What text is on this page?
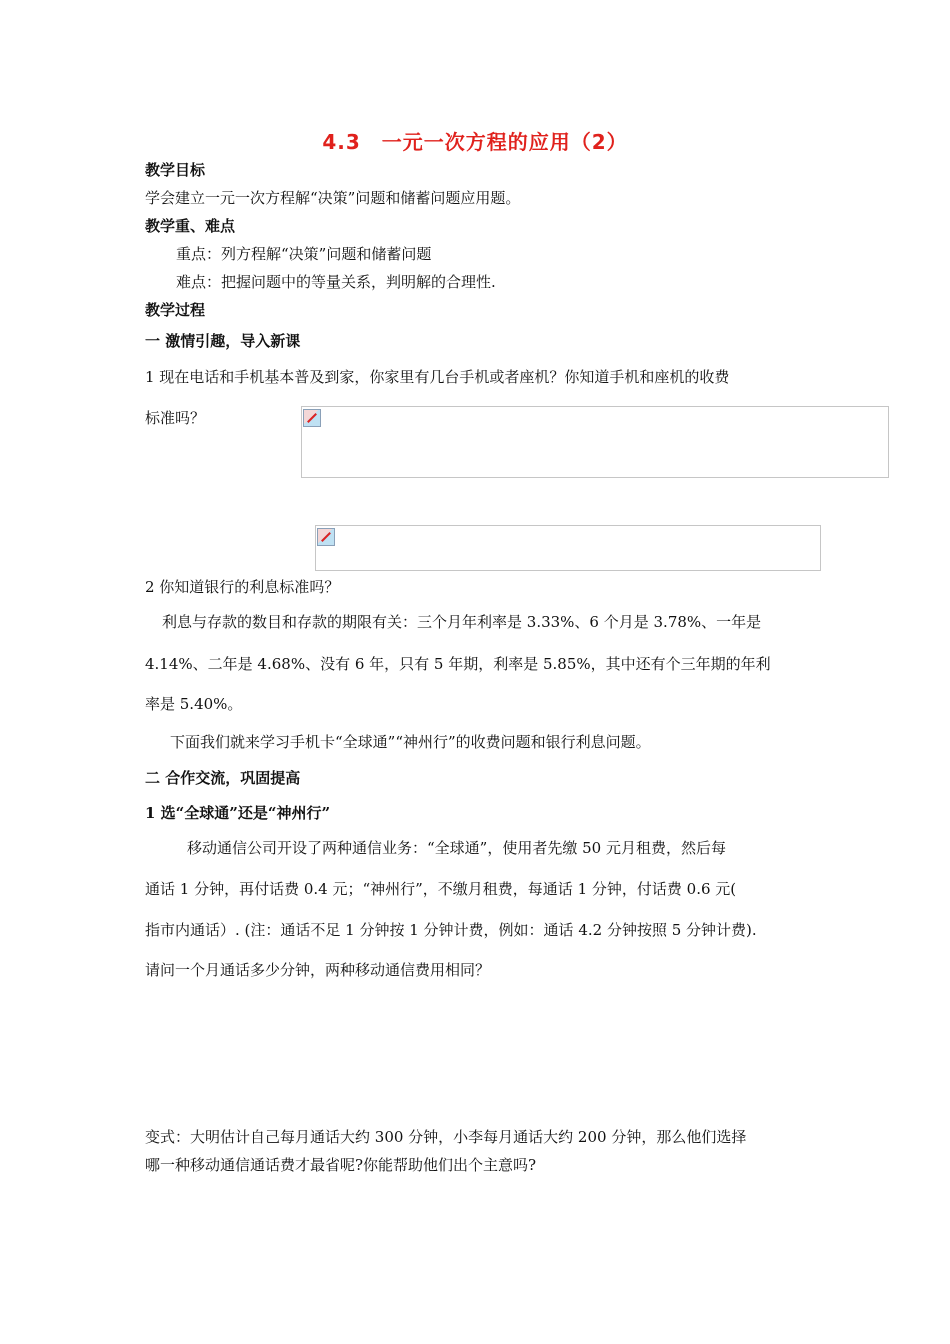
4.3　一元一次方程的应用（2）
教学目标
学会建立一元一次方程解“决策”问题和储蓄问题应用题。
教学重、难点
重点：列方程解“决策”问题和储蓄问题
难点：把握问题中的等量关系，判明解的合理性.
教学过程
一 激情引趣，导入新课
1 现在电话和手机基本普及到家，你家里有几台手机或者座机？你知道手机和座机的收费
标准吗？
2 你知道银行的利息标准吗？
利息与存款的数目和存款的期限有关：三个月年利率是 3.33%、6 个月是 3.78%、一年是
4.14%、二年是 4.68%、没有 6 年，只有 5 年期，利率是 5.85%，其中还有个三年期的年利
率是 5.40%。
下面我们就来学习手机卡“全球通”“神州行”的收费问题和银行利息问题。
二 合作交流，巩固提高
1 选“全球通”还是“神州行”
移动通信公司开设了两种通信业务：“全球通”，使用者先缴 50 元月租费，然后每
通话 1 分钟，再付话费 0.4 元；“神州行”，不缴月租费，每通话 1 分钟，付话费 0.6 元(
指市内通话）. (注：通话不足 1 分钟按 1 分钟计费，例如：通话 4.2 分钟按照 5 分钟计费).
请问一个月通话多少分钟，两种移动通信费用相同？
变式：大明估计自己每月通话大约 300 分钟，小李每月通话大约 200 分钟，那么他们选择
哪一种移动通信通话费才最省呢?你能帮助他们出个主意吗?
